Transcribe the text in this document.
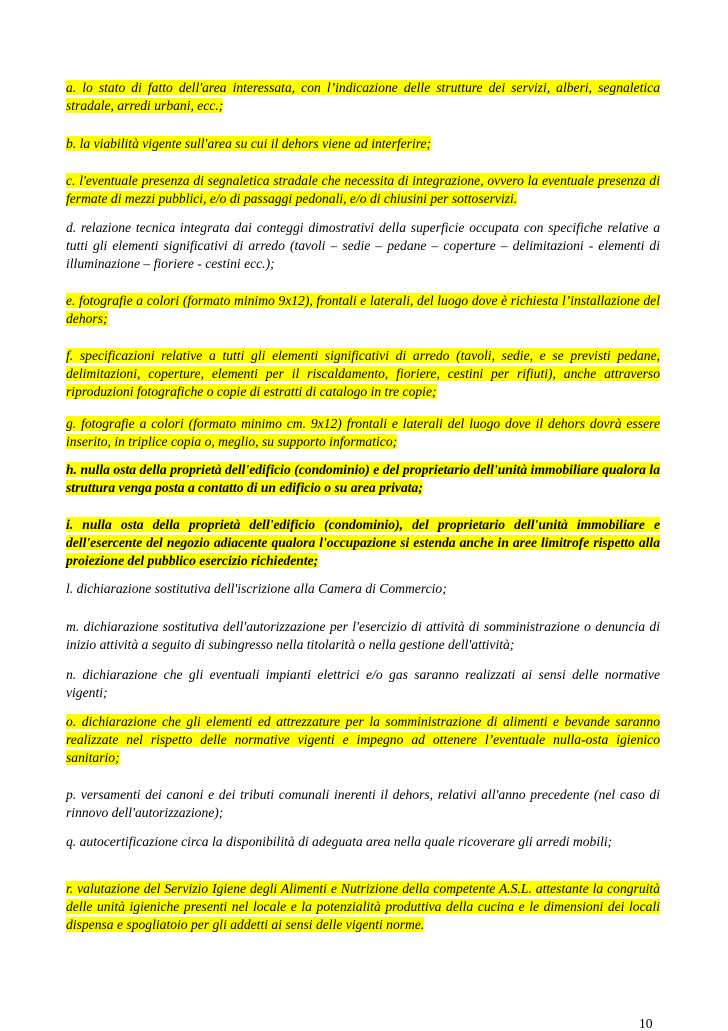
a. lo stato di fatto dell'area interessata, con l’indicazione delle strutture dei servizi, alberi, segnaletica stradale, arredi urbani, ecc.;

b. la viabilità vigente sull'area su cui il dehors viene ad interferire;

c. l'eventuale presenza di segnaletica stradale che necessita di integrazione, ovvero la eventuale presenza di fermate di mezzi pubblici, e/o di passaggi pedonali, e/o di chiusini per sottoservizi.

d. relazione tecnica integrata dai conteggi dimostrativi della superficie occupata con specifiche relative a tutti gli elementi significativi di arredo (tavoli – sedie – pedane – coperture – delimitazioni - elementi di illuminazione – fioriere - cestini ecc.);

e. fotografie a colori (formato minimo 9x12), frontali e laterali, del luogo dove è richiesta l’installazione del dehors;

f. specificazioni relative a tutti gli elementi significativi di arredo (tavoli, sedie, e se previsti pedane, delimitazioni, coperture, elementi per il riscaldamento, fioriere, cestini per rifiuti), anche attraverso riproduzioni fotografiche o copie di estratti di catalogo in tre copie;

g. fotografie a colori (formato minimo cm. 9x12) frontali e laterali del luogo dove il dehors dovrà essere inserito, in triplice copia o, meglio, su supporto informatico;

h. nulla osta della proprietà dell'edificio (condominio) e del proprietario dell'unità immobiliare qualora la struttura venga posta a contatto di un edificio o su area privata;

i. nulla osta della proprietà dell'edificio (condominio), del proprietario dell'unità immobiliare e dell'esercente del negozio adiacente qualora l'occupazione si estenda anche in aree limitrofe rispetto alla proiezione del pubblico esercizio richiedente;

l. dichiarazione sostitutiva dell'iscrizione alla Camera di Commercio;

m. dichiarazione sostitutiva dell'autorizzazione per l'esercizio di attività di somministrazione o denuncia di inizio attività a seguito di subingresso nella titolarità o nella gestione dell'attività;

n. dichiarazione che gli eventuali impianti elettrici e/o gas saranno realizzati ai sensi delle normative vigenti;

o. dichiarazione che gli elementi ed attrezzature per la somministrazione di alimenti e bevande saranno realizzate nel rispetto delle normative vigenti e impegno ad ottenere l’eventuale nulla-osta igienico sanitario;

p. versamenti dei canoni e dei tributi comunali inerenti il dehors, relativi all'anno precedente (nel caso di rinnovo dell'autorizzazione);

q. autocertificazione circa la disponibilità di adeguata area nella quale ricoverare gli arredi mobili;

r. valutazione del Servizio Igiene degli Alimenti e Nutrizione della competente A.S.L. attestante la congruità delle unità igieniche presenti nel locale e la potenzialità produttiva della cucina e le dimensioni dei locali dispensa e spogliatoio per gli addetti ai sensi delle vigenti norme.

10
